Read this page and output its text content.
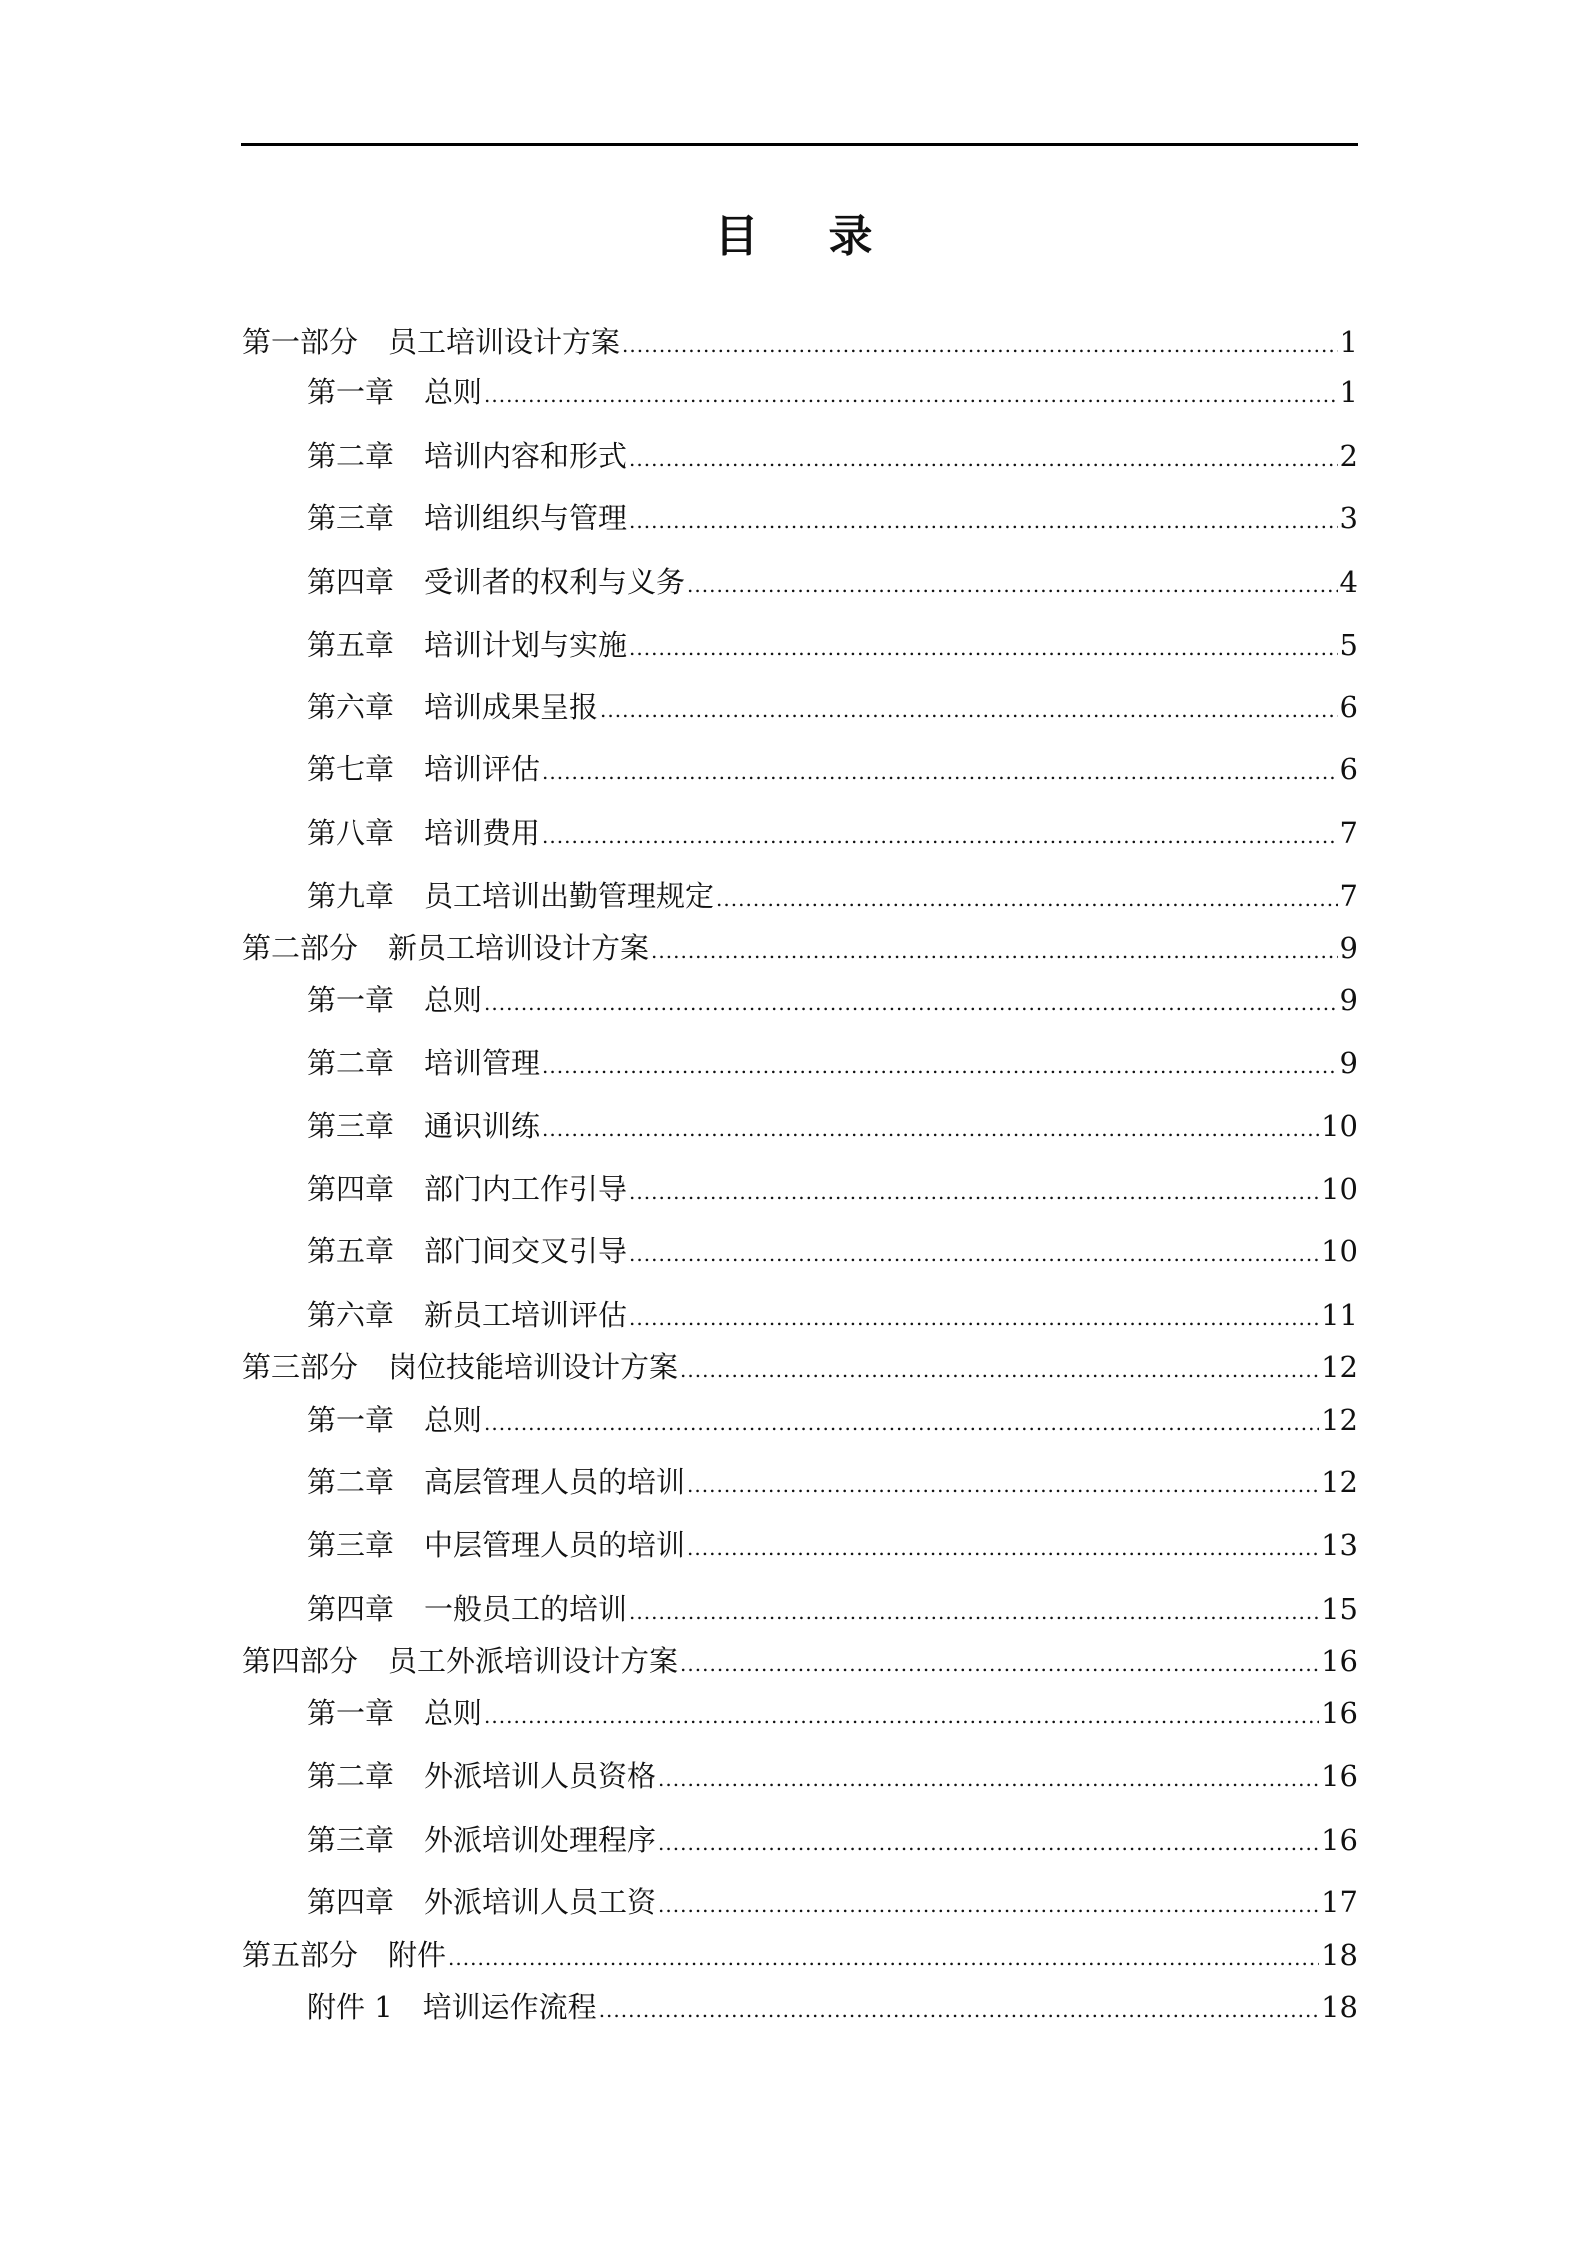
目录
第一部分 员工培训设计方案 .....	1
第一章 总则 .....	1
第二章 培训内容和形式 .....	2
第三章 培训组织与管理 .....	3
第四章 受训者的权利与义务 .....	4
第五章 培训计划与实施 .....	5
第六章 培训成果呈报 .....	6
第七章 培训评估 .....	6
第八章 培训费用 .....	7
第九章 员工培训出勤管理规定 .....	7
第二部分 新员工培训设计方案 .....	9
第一章 总则 .....	9
第二章 培训管理 .....	9
第三章 通识训练 .....	10
第四章 部门内工作引导 .....	10
第五章 部门间交叉引导 .....	10
第六章 新员工培训评估 .....	11
第三部分 岗位技能培训设计方案 .....	12
第一章 总则 .....	12
第二章 高层管理人员的培训 .....	12
第三章 中层管理人员的培训 .....	13
第四章 一般员工的培训 .....	15
第四部分 员工外派培训设计方案 .....	16
第一章 总则 .....	16
第二章 外派培训人员资格 .....	16
第三章 外派培训处理程序 .....	16
第四章 外派培训人员工资 .....	17
第五部分 附件 .....	18
附件 1 培训运作流程 .....	18
